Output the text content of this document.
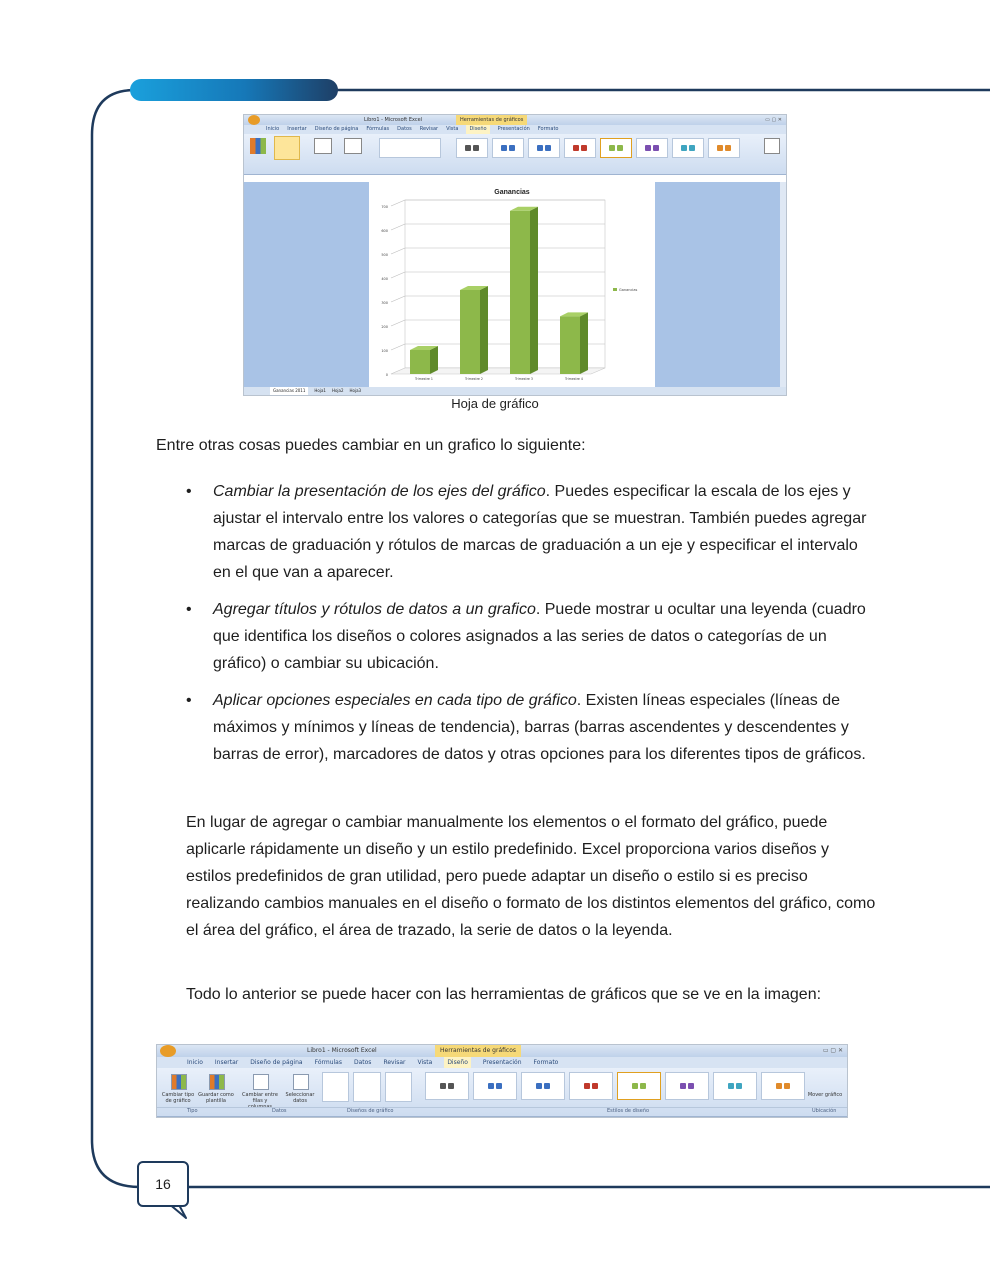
Libro1 - Microsoft Excel	Herramientas de gráficos	▭ ▢ ✕
Inicio Insertar Diseño de página Fórmulas Datos Revisar Vista	Diseño	Presentación Formato
Ganancias
0
100
200
300
400
500
600
700
Trimestre 1	Trimestre 2	Trimestre 3	Trimestre 4
Ganancias
Ganancias 2011	Hoja1 Hoja2 Hoja3
Hoja de gráfico
Entre otras cosas puedes cambiar en un grafico lo siguiente:
• Cambiar la presentación de los ejes del gráfico. Puedes especificar la escala de los ejes y ajustar el intervalo entre los valores o categorías que se muestran. También puedes agregar marcas de graduación y rótulos de marcas de graduación a un eje y especificar el intervalo en el que van a aparecer.
• Agregar títulos y rótulos de datos a un grafico. Puede mostrar u ocultar una leyenda (cuadro que identifica los diseños o colores asignados a las series de datos o categorías de un gráfico) o cambiar su ubicación.
• Aplicar opciones especiales en cada tipo de gráfico. Existen líneas especiales (líneas de máximos y mínimos y líneas de tendencia), barras (barras ascendentes y descendentes y barras de error), marcadores de datos y otras opciones para los diferentes tipos de gráficos.
En lugar de agregar o cambiar manualmente los elementos o el formato del gráfico, puede aplicarle rápidamente un diseño y un estilo predefinido. Excel proporciona varios diseños y estilos predefinidos de gran utilidad, pero puede adaptar un diseño o estilo si es preciso realizando cambios manuales en el diseño o formato de los distintos elementos del gráfico, como el área del gráfico, el área de trazado, la serie de datos o la leyenda.
Todo lo anterior se puede hacer con las herramientas de gráficos que se ve en la imagen:
Libro1 - Microsoft Excel	Herramientas de gráficos	▭ ▢ ✕
Inicio Insertar Diseño de página Fórmulas Datos Revisar Vista	Diseño	Presentación Formato
Cambiar tipo de gráfico
Guardar como plantilla
Cambiar entre filas y columnas
Seleccionar datos
Mover gráfico
Tipo	Datos	Diseños de gráfico	Estilos de diseño	Ubicación
16
